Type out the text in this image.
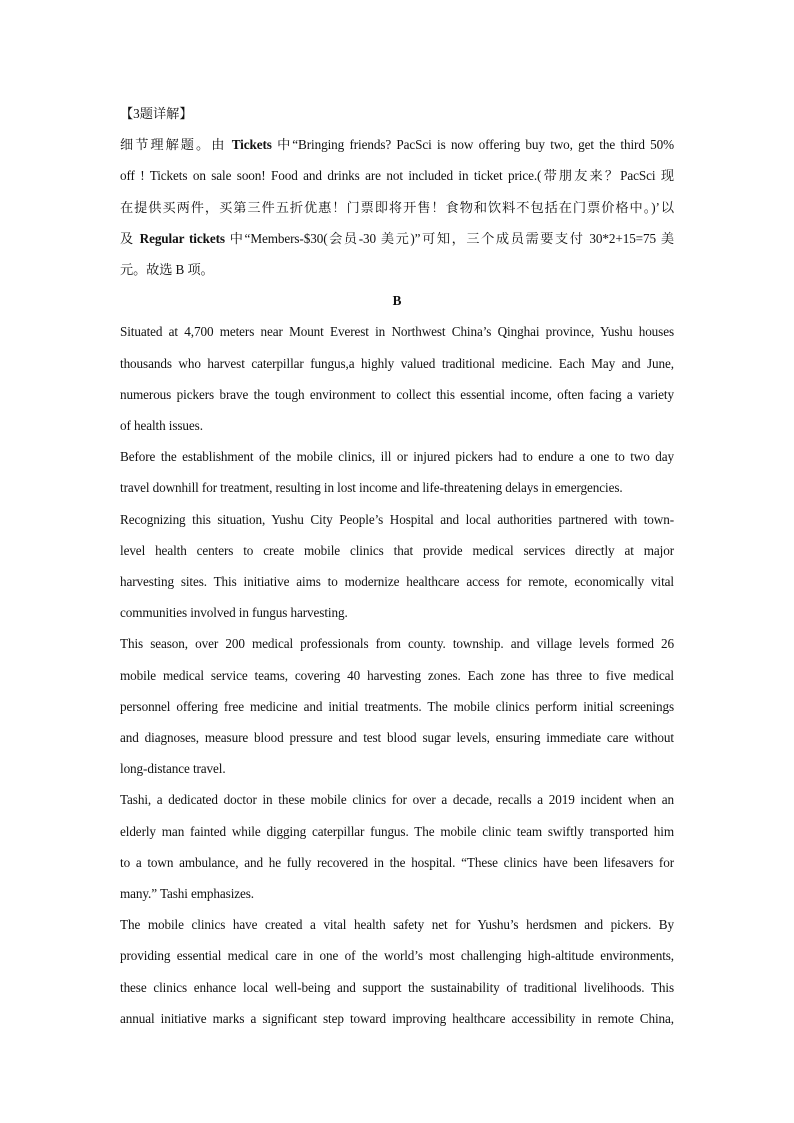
【3题详解】
细节理解题。由 Tickets 中“Bringing friends? PacSci is now offering buy two, get the third 50%
off ! Tickets on sale soon! Food and drinks are not included in ticket price.(带朋友来？PacSci 现
在提供买两件，买第三件五折优惠！门票即将开售！食物和饮料不包括在门票价格中。)’以
及 Regular tickets 中“Members-$30(会员-30 美元)”可知，三个成员需要支付 30*2+15=75 美
元。故选 B 项。
B
Situated at 4,700 meters near Mount Everest in Northwest China’s Qinghai province, Yushu houses
thousands who harvest caterpillar fungus,a highly valued traditional medicine. Each May and June,
numerous pickers brave the tough environment to collect this essential income, often facing a variety
of health issues.
Before the establishment of the mobile clinics, ill or injured pickers had to endure a one to two day
travel downhill for treatment, resulting in lost income and life-threatening delays in emergencies.
Recognizing this situation, Yushu City People’s Hospital and local authorities partnered with town-
level health centers to create mobile clinics that provide medical services directly at major
harvesting sites. This initiative aims to modernize healthcare access for remote, economically vital
communities involved in fungus harvesting.
This season, over 200 medical professionals from county. township. and village levels formed 26
mobile medical service teams, covering 40 harvesting zones. Each zone has three to five medical
personnel offering free medicine and initial treatments. The mobile clinics perform initial screenings
and diagnoses, measure blood pressure and test blood sugar levels, ensuring immediate care without
long-distance travel.
Tashi, a dedicated doctor in these mobile clinics for over a decade, recalls a 2019 incident when an
elderly man fainted while digging caterpillar fungus. The mobile clinic team swiftly transported him
to a town ambulance, and he fully recovered in the hospital. “These clinics have been lifesavers for
many.” Tashi emphasizes.
The mobile clinics have created a vital health safety net for Yushu’s herdsmen and pickers. By
providing essential medical care in one of the world’s most challenging high-altitude environments,
these clinics enhance local well-being and support the sustainability of traditional livelihoods. This
annual initiative marks a significant step toward improving healthcare accessibility in remote China,
